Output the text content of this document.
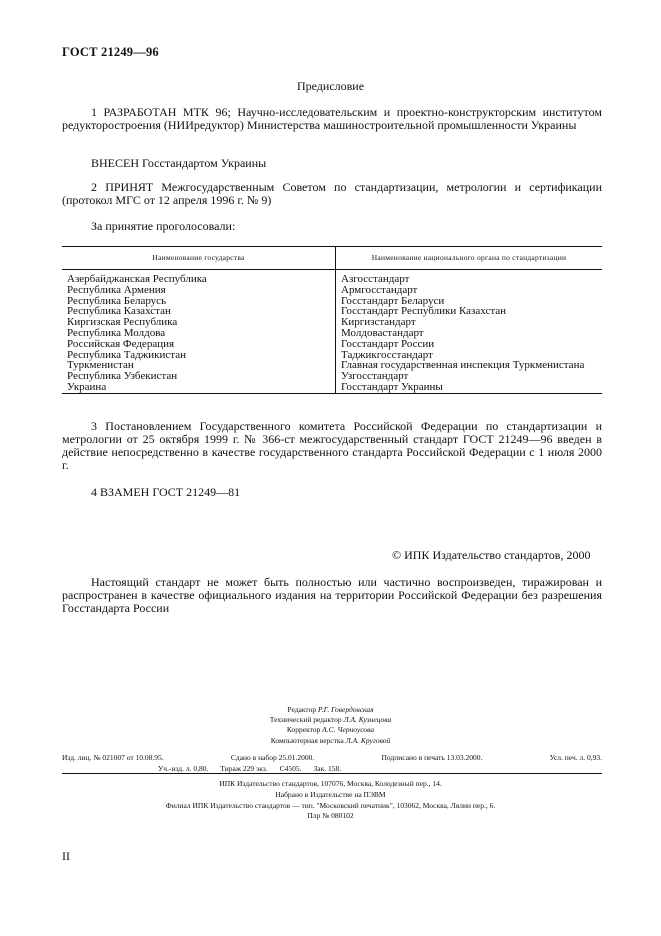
ГОСТ 21249—96
Предисловие
1 РАЗРАБОТАН МТК 96; Научно-исследовательским и проектно-конструкторским институтом редукторостроения (НИИредуктор) Министерства машиностроительной промышленности Украины
ВНЕСЕН Госстандартом Украины
2 ПРИНЯТ Межгосударственным Советом по стандартизации, метрологии и сертификации (протокол МГС от 12 апреля 1996 г. № 9)
За принятие проголосовали:
Наименование государства	Наименование национального органа по стандартизации
Азербайджанская Республика	Азгосстандарт
Республика Армения	Армгосстандарт
Республика Беларусь	Госстандарт Беларуси
Республика Казахстан	Госстандарт Республики Казахстан
Киргизская Республика	Киргизстандарт
Республика Молдова	Молдовастандарт
Российская Федерация	Госстандарт России
Республика Таджикистан	Таджикгосстандарт
Туркменистан	Главная государственная инспекция Туркменистана
Республика Узбекистан	Узгосстандарт
Украина	Госстандарт Украины
3 Постановлением Государственного комитета Российской Федерации по стандартизации и метрологии от 25 октября 1999 г. № 366-ст межгосударственный стандарт ГОСТ 21249—96 введен в действие непосредственно в качестве государственного стандарта Российской Федерации с 1 июля 2000 г.
4 ВЗАМЕН ГОСТ 21249—81
© ИПК Издательство стандартов, 2000
Настоящий стандарт не может быть полностью или частично воспроизведен, тиражирован и распространен в качестве официального издания на территории Российской Федерации без разрешения Госстандарта России
Редактор Р.Г. Говердовская
Технический редактор Л.А. Кузнецова
Корректор А.С. Черноусова
Компьютерная верстка Л.А. Круговой
Изд. лиц. № 021007 от 10.08.95.	Сдано в набор 25.01.2000.	Подписано в печать 13.03.2000.	Усл. печ. л. 0,93.
Уч.-изд. л. 0,80. Тираж 229 экз. С4505. Зак. 158.
ИПК Издательство стандартов, 107076, Москва, Колодезный пер., 14.
Набрано в Издательстве на ПЭВМ
Филиал ИПК Издательство стандартов — тип. "Московский печатник", 103062, Москва, Лялин пер., 6.
Плр № 080102
II
